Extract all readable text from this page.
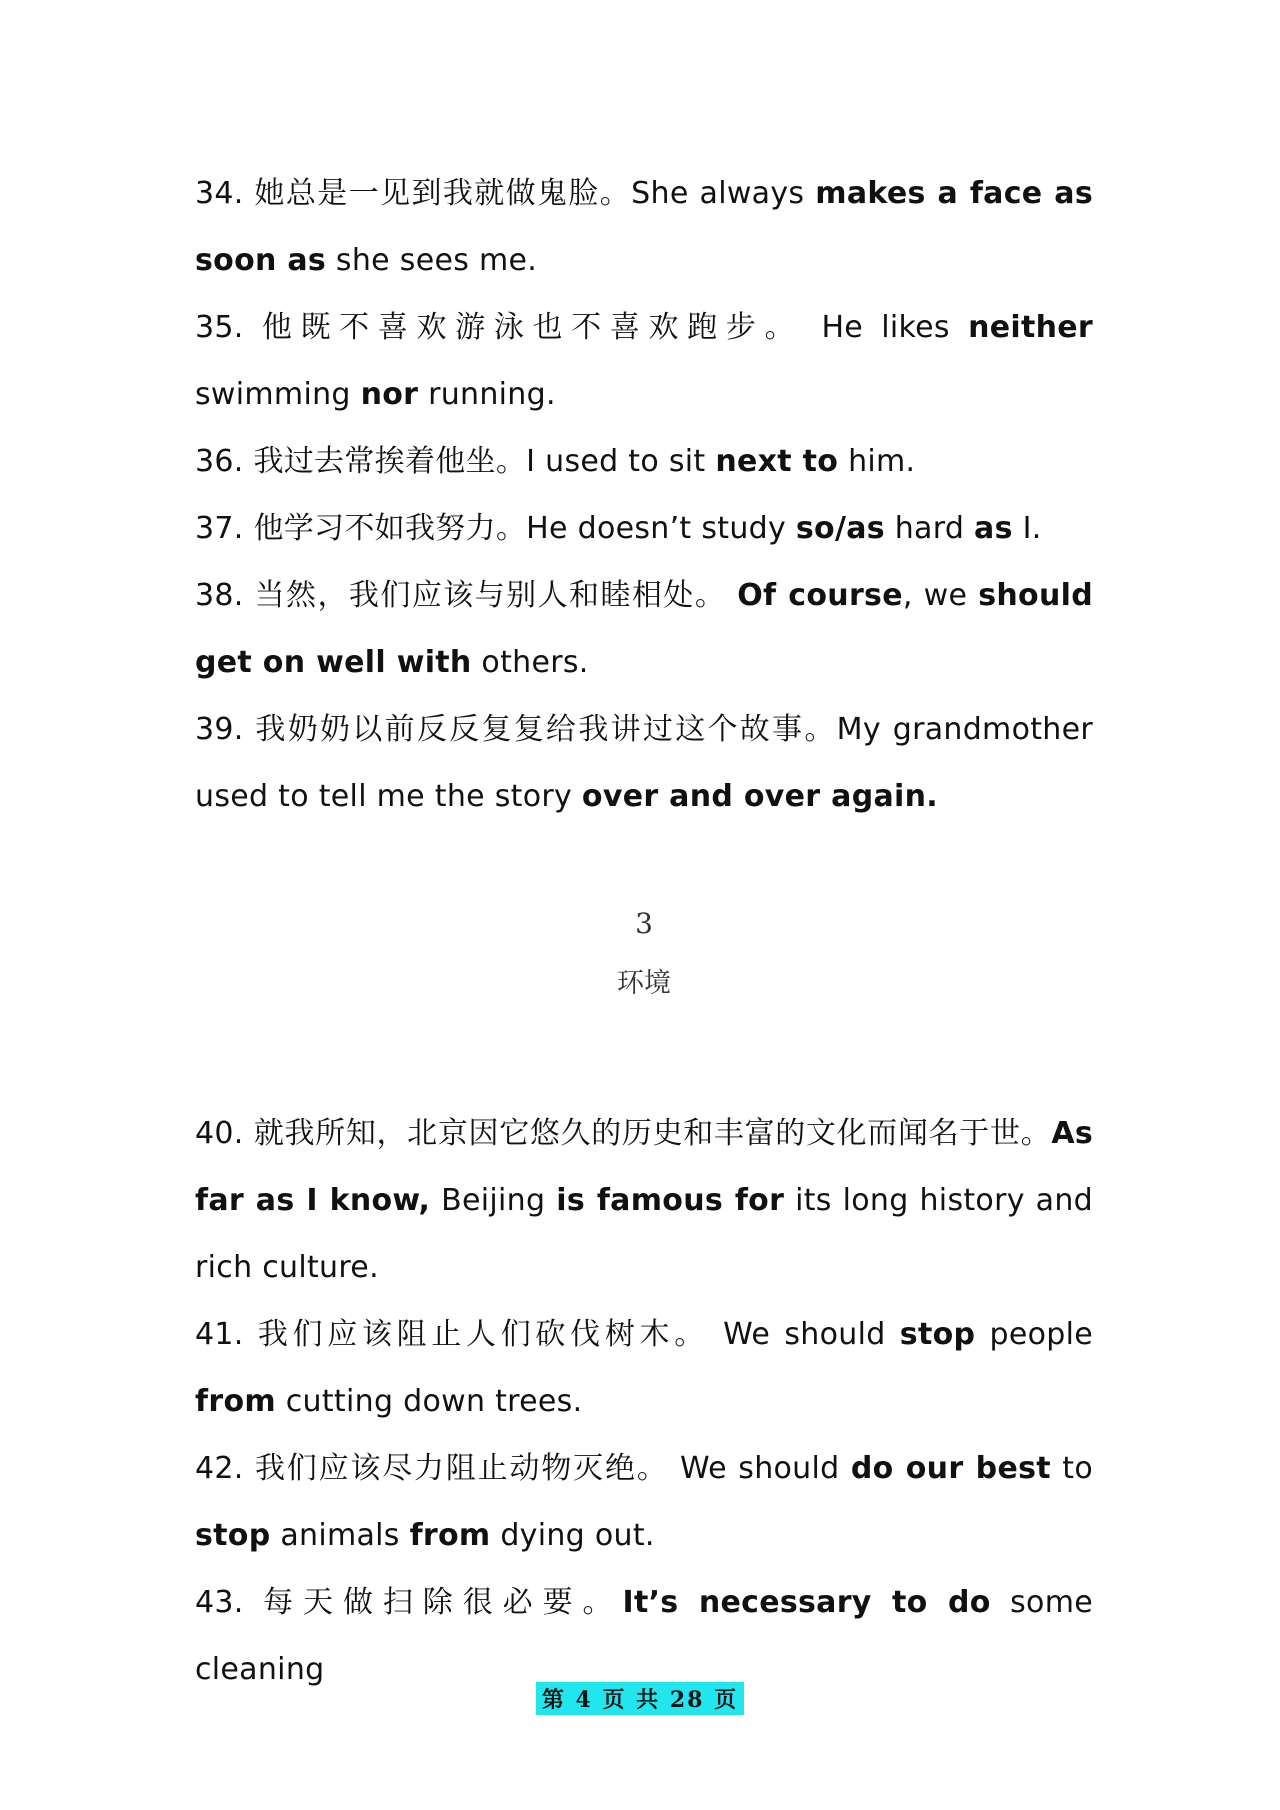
34. 她总是一见到我就做鬼脸。She always makes a face as soon as she sees me.
35. 他既不喜欢游泳也不喜欢跑步。 He likes neither swimming nor running.
36. 我过去常挨着他坐。I used to sit next to him.
37. 他学习不如我努力。He doesn’t study so/as hard as I.
38. 当然，我们应该与别人和睦相处。 Of course, we should get on well with others.
39. 我奶奶以前反反复复给我讲过这个故事。My grandmother used to tell me the story over and over again.
3
环境
40. 就我所知，北京因它悠久的历史和丰富的文化而闻名于世。As far as I know, Beijing is famous for its long history and rich culture.
41. 我们应该阻止人们砍伐树木。 We should stop people from cutting down trees.
42. 我们应该尽力阻止动物灭绝。 We should do our best to stop animals from dying out.
43. 每天做扫除很必要。It’s necessary to do some cleaning
第 4 页 共 28 页
